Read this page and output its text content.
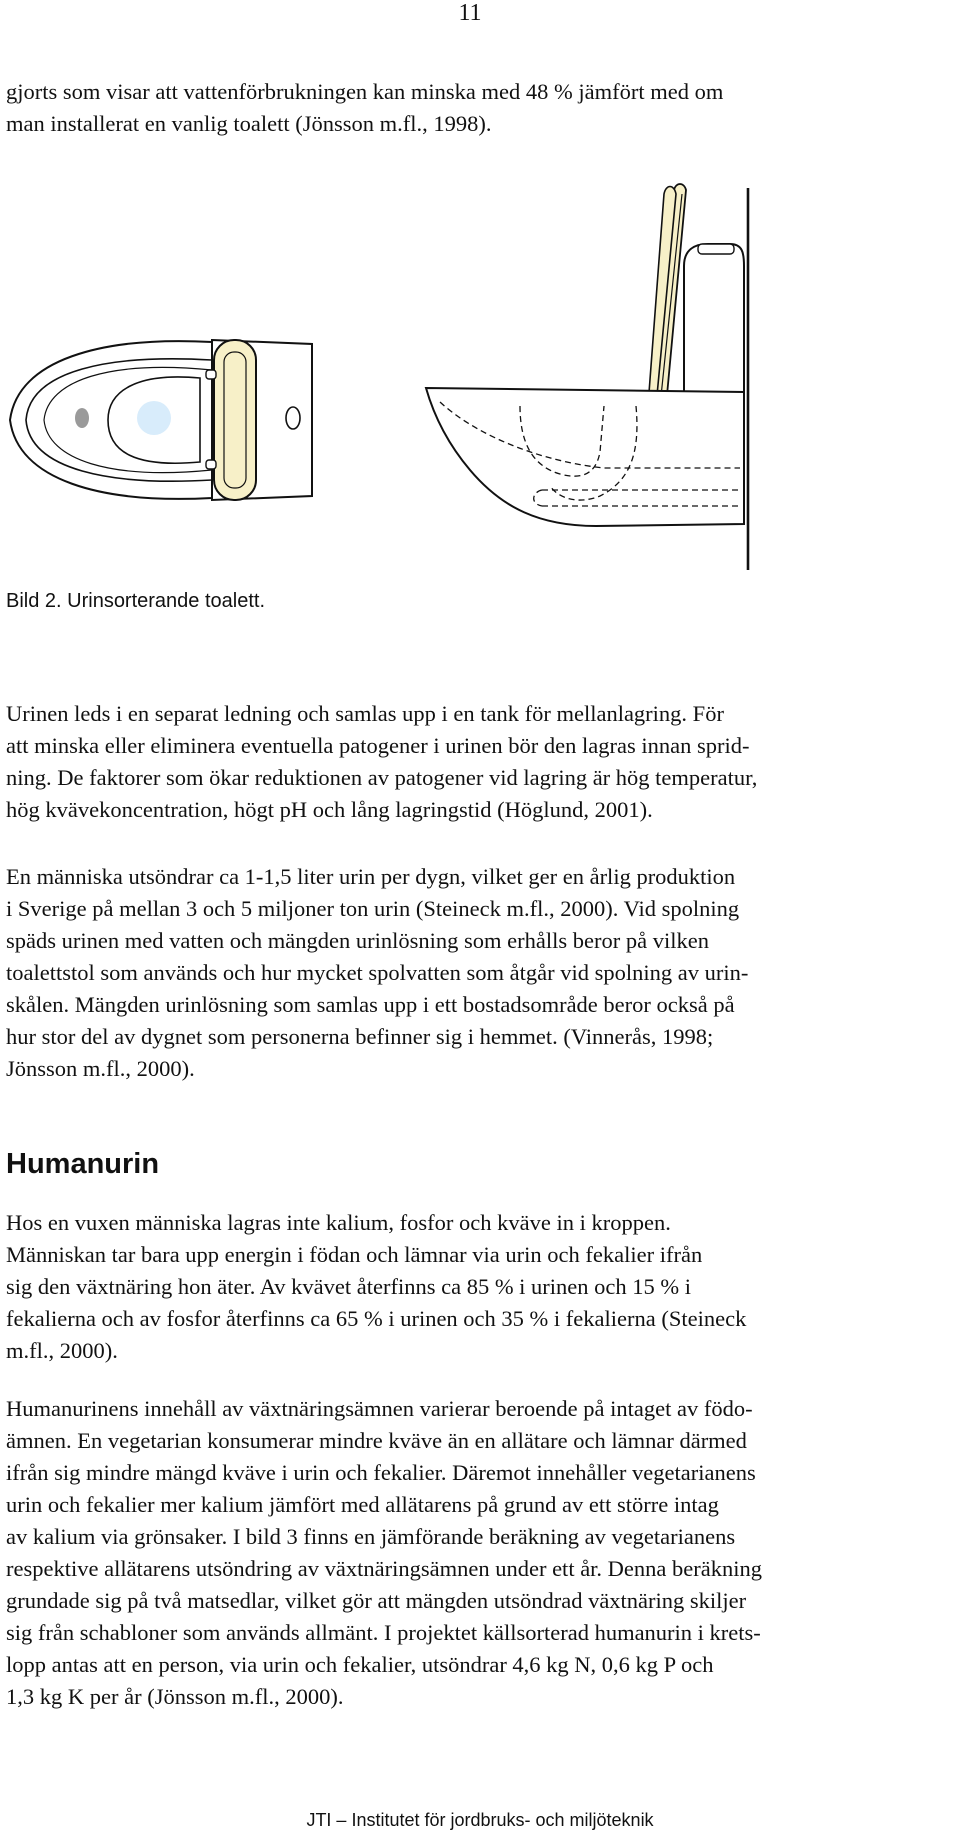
11
gjorts som visar att vattenförbrukningen kan minska med 48 % jämfört med om
man installerat en vanlig toalett (Jönsson m.fl., 1998).

Bild 2. Urinsorterande toalett.

Urinen leds i en separat ledning och samlas upp i en tank för mellanlagring. För
att minska eller eliminera eventuella patogener i urinen bör den lagras innan sprid-
ning. De faktorer som ökar reduktionen av patogener vid lagring är hög temperatur,
hög kvävekoncentration, högt pH och lång lagringstid (Höglund, 2001).
En människa utsöndrar ca 1-1,5 liter urin per dygn, vilket ger en årlig produktion
i Sverige på mellan 3 och 5 miljoner ton urin (Steineck m.fl., 2000). Vid spolning
späds urinen med vatten och mängden urinlösning som erhålls beror på vilken
toalettstol som används och hur mycket spolvatten som åtgår vid spolning av urin-
skålen. Mängden urinlösning som samlas upp i ett bostadsområde beror också på
hur stor del av dygnet som personerna befinner sig i hemmet. (Vinnerås, 1998;
Jönsson m.fl., 2000).
Humanurin
Hos en vuxen människa lagras inte kalium, fosfor och kväve in i kroppen.
Människan tar bara upp energin i födan och lämnar via urin och fekalier ifrån
sig den växtnäring hon äter. Av kvävet återfinns ca 85 % i urinen och 15 % i
fekalierna och av fosfor återfinns ca 65 % i urinen och 35 % i fekalierna (Steineck
m.fl., 2000).
Humanurinens innehåll av växtnäringsämnen varierar beroende på intaget av födo-
ämnen. En vegetarian konsumerar mindre kväve än en allätare och lämnar därmed
ifrån sig mindre mängd kväve i urin och fekalier. Däremot innehåller vegetarianens
urin och fekalier mer kalium jämfört med allätarens på grund av ett större intag
av kalium via grönsaker. I bild 3 finns en jämförande beräkning av vegetarianens
respektive allätarens utsöndring av växtnäringsämnen under ett år. Denna beräkning
grundade sig på två matsedlar, vilket gör att mängden utsöndrad växtnäring skiljer
sig från schabloner som används allmänt. I projektet källsorterad humanurin i krets-
lopp antas att en person, via urin och fekalier, utsöndrar 4,6 kg N, 0,6 kg P och
1,3 kg K per år (Jönsson m.fl., 2000).
JTI – Institutet för jordbruks- och miljöteknik
